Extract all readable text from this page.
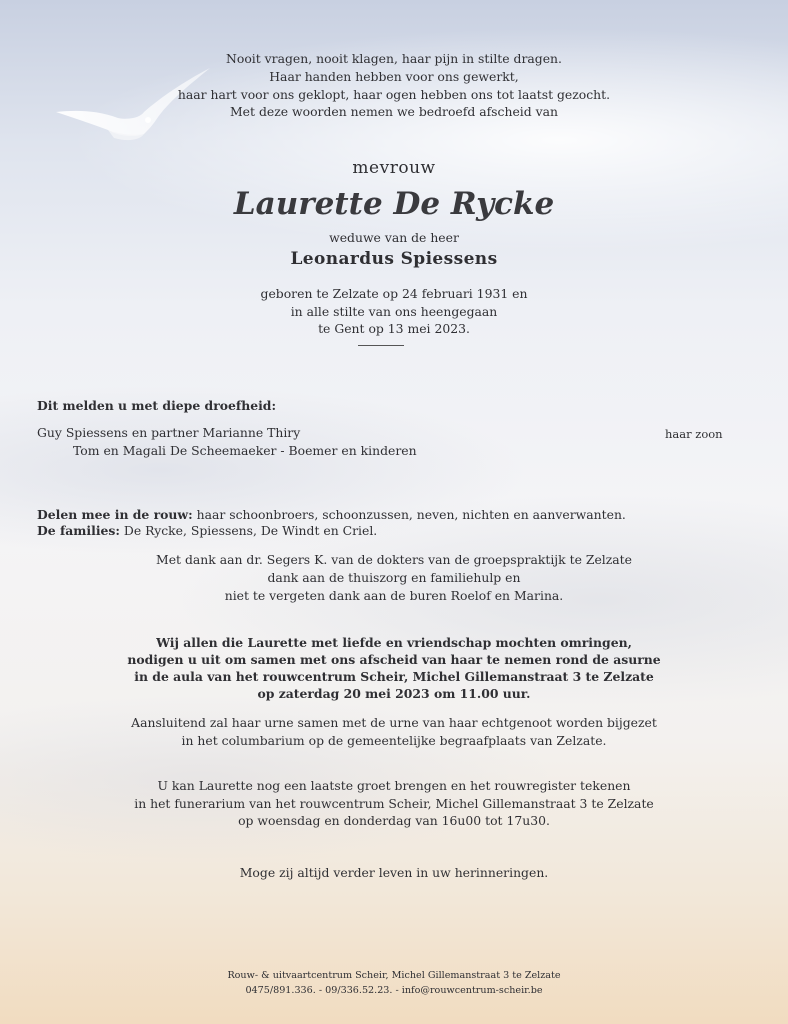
Nooit vragen, nooit klagen, haar pijn in stilte dragen.
Haar handen hebben voor ons gewerkt,
haar hart voor ons geklopt, haar ogen hebben ons tot laatst gezocht.
Met deze woorden nemen we bedroefd afscheid van
mevrouw
Laurette De Rycke
weduwe van de heer
Leonardus Spiessens
geboren te Zelzate op 24 februari 1931 en
in alle stilte van ons heengegaan
te Gent op 13 mei 2023.
Dit melden u met diepe droefheid:
Guy Spiessens en partner Marianne Thiry	haar zoon
Tom en Magali De Scheemaeker - Boemer en kinderen
Delen mee in de rouw: haar schoonbroers, schoonzussen, neven, nichten en aanverwanten.
De families: De Rycke, Spiessens, De Windt en Criel.
Met dank aan dr. Segers K. van de dokters van de groepspraktijk te Zelzate
dank aan de thuiszorg en familiehulp en
niet te vergeten dank aan de buren Roelof en Marina.
Wij allen die Laurette met liefde en vriendschap mochten omringen,
nodigen u uit om samen met ons afscheid van haar te nemen rond de asurne
in de aula van het rouwcentrum Scheir, Michel Gillemanstraat 3 te Zelzate
op zaterdag 20 mei 2023 om 11.00 uur.
Aansluitend zal haar urne samen met de urne van haar echtgenoot worden bijgezet
in het columbarium op de gemeentelijke begraafplaats van Zelzate.
U kan Laurette nog een laatste groet brengen en het rouwregister tekenen
in het funerarium van het rouwcentrum Scheir, Michel Gillemanstraat 3 te Zelzate
op woensdag en donderdag van 16u00 tot 17u30.
Moge zij altijd verder leven in uw herinneringen.
Rouw- & uitvaartcentrum Scheir, Michel Gillemanstraat 3 te Zelzate
0475/891.336. - 09/336.52.23. - info@rouwcentrum-scheir.be
